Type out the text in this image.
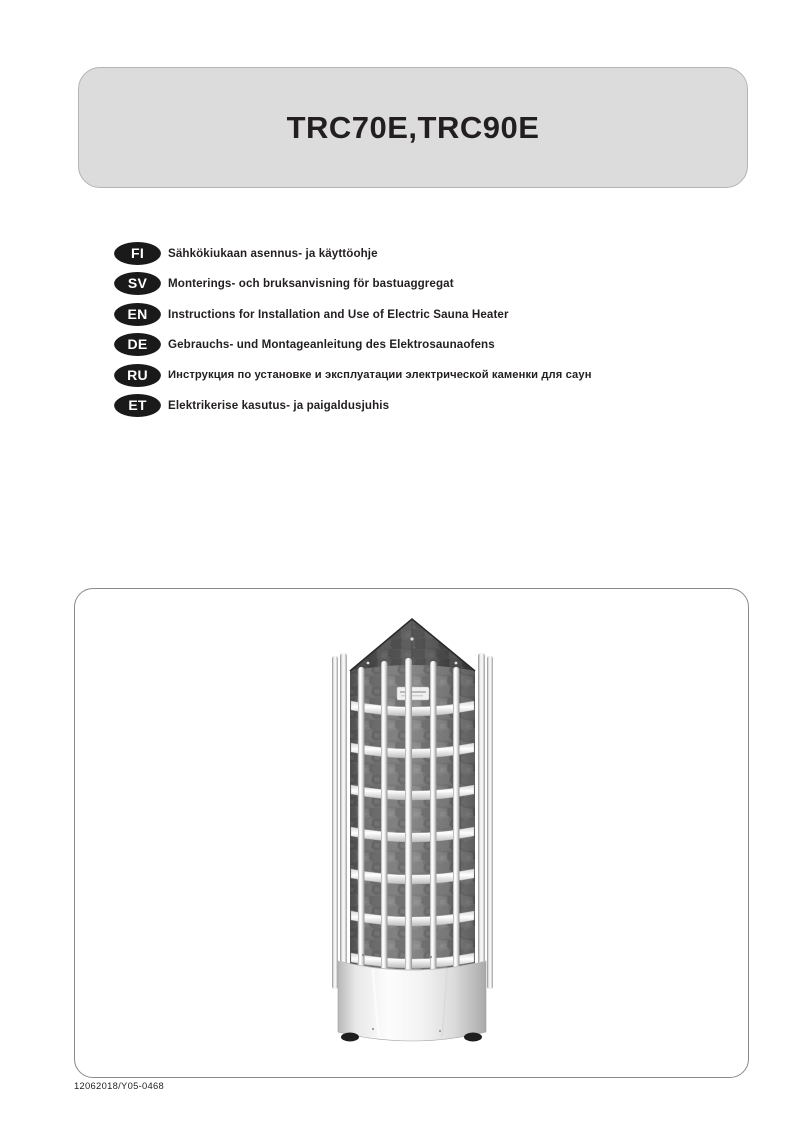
TRC70E,TRC90E
FI	Sähkökiukaan asennus- ja käyttöohje
SV	Monterings- och bruksanvisning för bastuaggregat
EN	Instructions for Installation and Use of Electric Sauna Heater
DE	Gebrauchs- und Montageanleitung des Elektrosaunaofens
RU	Инструкция по установке и эксплуатации электрической каменки для саун
ET	Elektrikerise kasutus- ja paigaldusjuhis
12062018/Y05-0468
